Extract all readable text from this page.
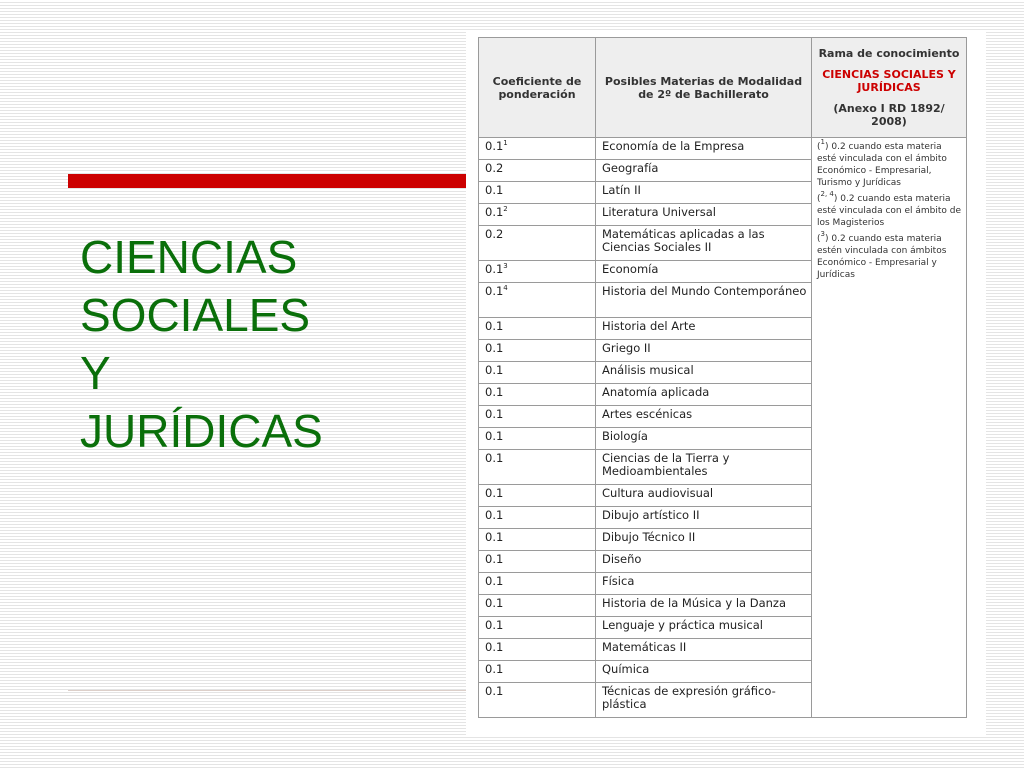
CIENCIAS
SOCIALES
Y
JURÍDICAS
Coeficiente de ponderación	Posibles Materias de Modalidad de 2º de Bachillerato	Rama de conocimiento
CIENCIAS SOCIALES Y JURÍDICAS
(Anexo I RD 1892/ 2008)

$0.1^1$	Economía de la Empresa	($^1$) 0.2 cuando esta materia esté vinculada con el ámbito Económico - Empresarial, Turismo y Jurídicas
($^{2, 4}$) 0.2 cuando esta materia esté vinculada con el ámbito de los Magisterios
($^3$) 0.2 cuando esta materia estén vinculada con ámbitos Económico - Empresarial y Jurídicas

0.2	Geografía	
0.1	Latín II	
$0.1^2$	Literatura Universal	
0.2	Matemáticas aplicadas a las Ciencias Sociales II	
$0.1^3$	Economía	
$0.1^4$	Historia del Mundo Contemporáneo	
0.1	Historia del Arte	
0.1	Griego II	
0.1	Análisis musical	
0.1	Anatomía aplicada	
0.1	Artes escénicas	
0.1	Biología	
0.1	Ciencias de la Tierra y Medioambientales	
0.1	Cultura audiovisual	
0.1	Dibujo artístico II	
0.1	Dibujo Técnico II	
0.1	Diseño	
0.1	Física	
0.1	Historia de la Música y la Danza	
0.1	Lenguaje y práctica musical	
0.1	Matemáticas II	
0.1	Química	
0.1	Técnicas de expresión gráfico-plástica	
